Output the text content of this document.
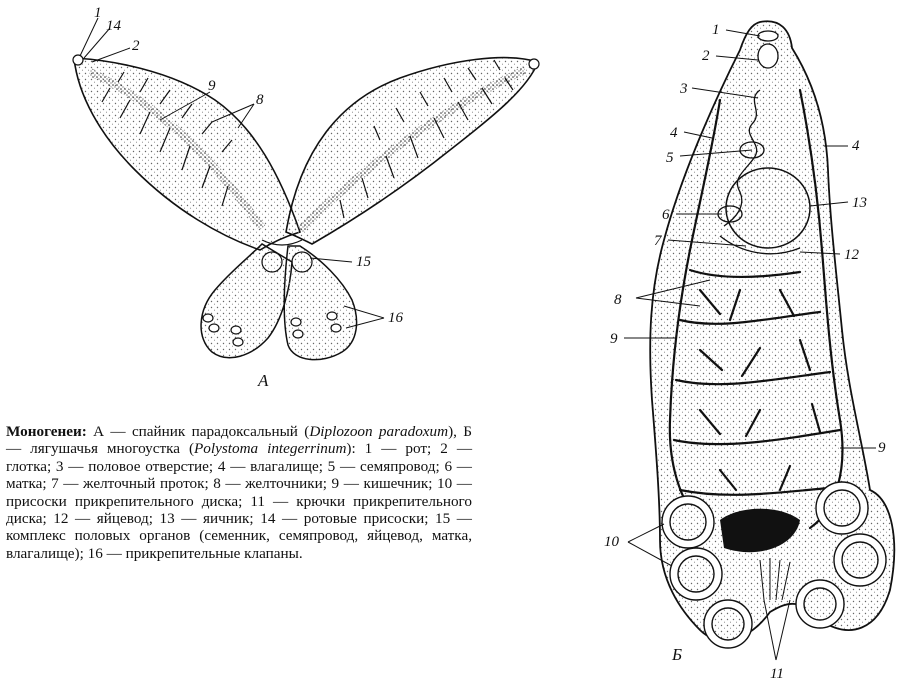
1
14
2
9
8
15
16
А
1
2
3
4
4
5
6
7
13
12
8
9
9
10
11
Б
Моногенеи: А — спайник парадоксальный (Diplozoon paradoxum), Б — лягушачья многоустка (Polystoma integerrinum): 1 — рот; 2 — глотка; 3 — половое отверстие; 4 — влагалище; 5 — семяпровод; 6 — матка; 7 — желточный проток; 8 — желточники; 9 — кишечник; 10 — присоски прикрепительного диска; 11 — крючки прикрепительного диска; 12 — яйцевод; 13 — яичник; 14 — ротовые присоски; 15 — комплекс половых органов (семенник, семяпровод, яйцевод, матка, влагалище); 16 — прикрепительные клапаны.
